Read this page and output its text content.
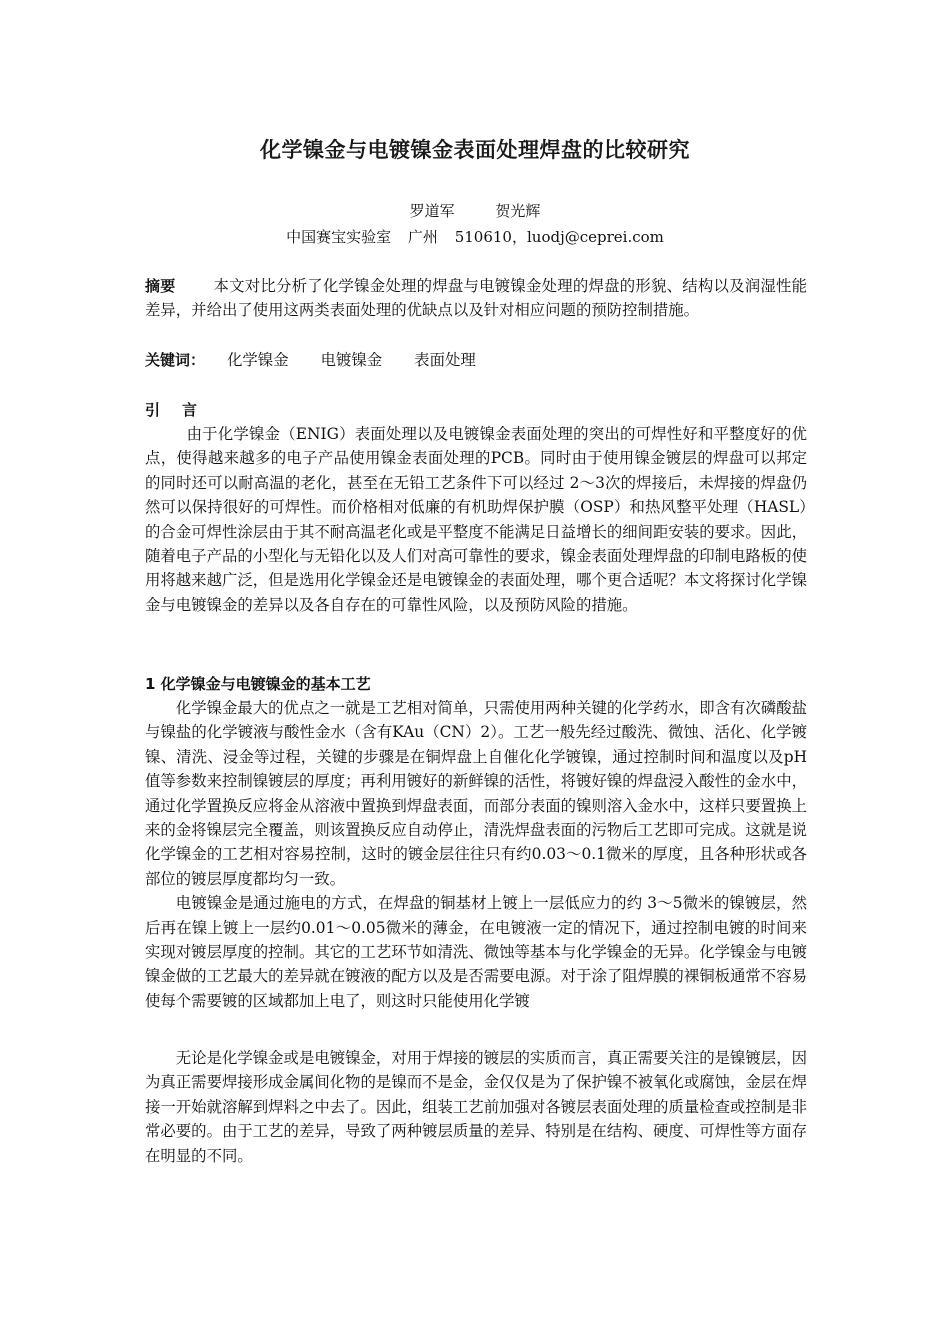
化学镍金与电镀镍金表面处理焊盘的比较研究
罗道军	贺光辉
中国赛宝实验室 广州 510610，luodj@ceprei.com

摘要 本文对比分析了化学镍金处理的焊盘与电镀镍金处理的焊盘的形貌、结构以及润湿性能差异，并给出了使用这两类表面处理的优缺点以及针对相应问题的预防控制措施。

关键词： 化学镍金 电镀镍金 表面处理

引言

由于化学镍金（ENIG）表面处理以及电镀镍金表面处理的突出的可焊性好和平整度好的优点，使得越来越多的电子产品使用镍金表面处理的PCB。同时由于使用镍金镀层的焊盘可以邦定的同时还可以耐高温的老化，甚至在无铅工艺条件下可以经过 2～3次的焊接后，未焊接的焊盘仍然可以保持很好的可焊性。而价格相对低廉的有机助焊保护膜（OSP）和热风整平处理（HASL）的合金可焊性涂层由于其不耐高温老化或是平整度不能满足日益增长的细间距安装的要求。因此，随着电子产品的小型化与无铅化以及人们对高可靠性的要求，镍金表面处理焊盘的印制电路板的使用将越来越广泛，但是选用化学镍金还是电镀镍金的表面处理，哪个更合适呢？本文将探讨化学镍金与电镀镍金的差异以及各自存在的可靠性风险，以及预防风险的措施。

1 化学镍金与电镀镍金的基本工艺

化学镍金最大的优点之一就是工艺相对简单，只需使用两种关键的化学药水，即含有次磷酸盐与镍盐的化学镀液与酸性金水（含有KAu（CN）2）。工艺一般先经过酸洗、微蚀、活化、化学镀镍、清洗、浸金等过程，关键的步骤是在铜焊盘上自催化化学镀镍，通过控制时间和温度以及pH值等参数来控制镍镀层的厚度；再利用镀好的新鲜镍的活性，将镀好镍的焊盘浸入酸性的金水中，通过化学置换反应将金从溶液中置换到焊盘表面，而部分表面的镍则溶入金水中，这样只要置换上来的金将镍层完全覆盖，则该置换反应自动停止，清洗焊盘表面的污物后工艺即可完成。这就是说化学镍金的工艺相对容易控制，这时的镀金层往往只有约0.03～0.1微米的厚度，且各种形状或各部位的镀层厚度都均匀一致。

电镀镍金是通过施电的方式，在焊盘的铜基材上镀上一层低应力的约 3～5微米的镍镀层，然后再在镍上镀上一层约0.01～0.05微米的薄金，在电镀液一定的情况下，通过控制电镀的时间来实现对镀层厚度的控制。其它的工艺环节如清洗、微蚀等基本与化学镍金的无异。化学镍金与电镀镍金做的工艺最大的差异就在镀液的配方以及是否需要电源。对于涂了阻焊膜的裸铜板通常不容易使每个需要镀的区域都加上电了，则这时只能使用化学镀

无论是化学镍金或是电镀镍金，对用于焊接的镀层的实质而言，真正需要关注的是镍镀层，因为真正需要焊接形成金属间化物的是镍而不是金，金仅仅是为了保护镍不被氧化或腐蚀，金层在焊接一开始就溶解到焊料之中去了。因此，组装工艺前加强对各镀层表面处理的质量检查或控制是非常必要的。由于工艺的差异，导致了两种镀层质量的差异、特别是在结构、硬度、可焊性等方面存在明显的不同。
